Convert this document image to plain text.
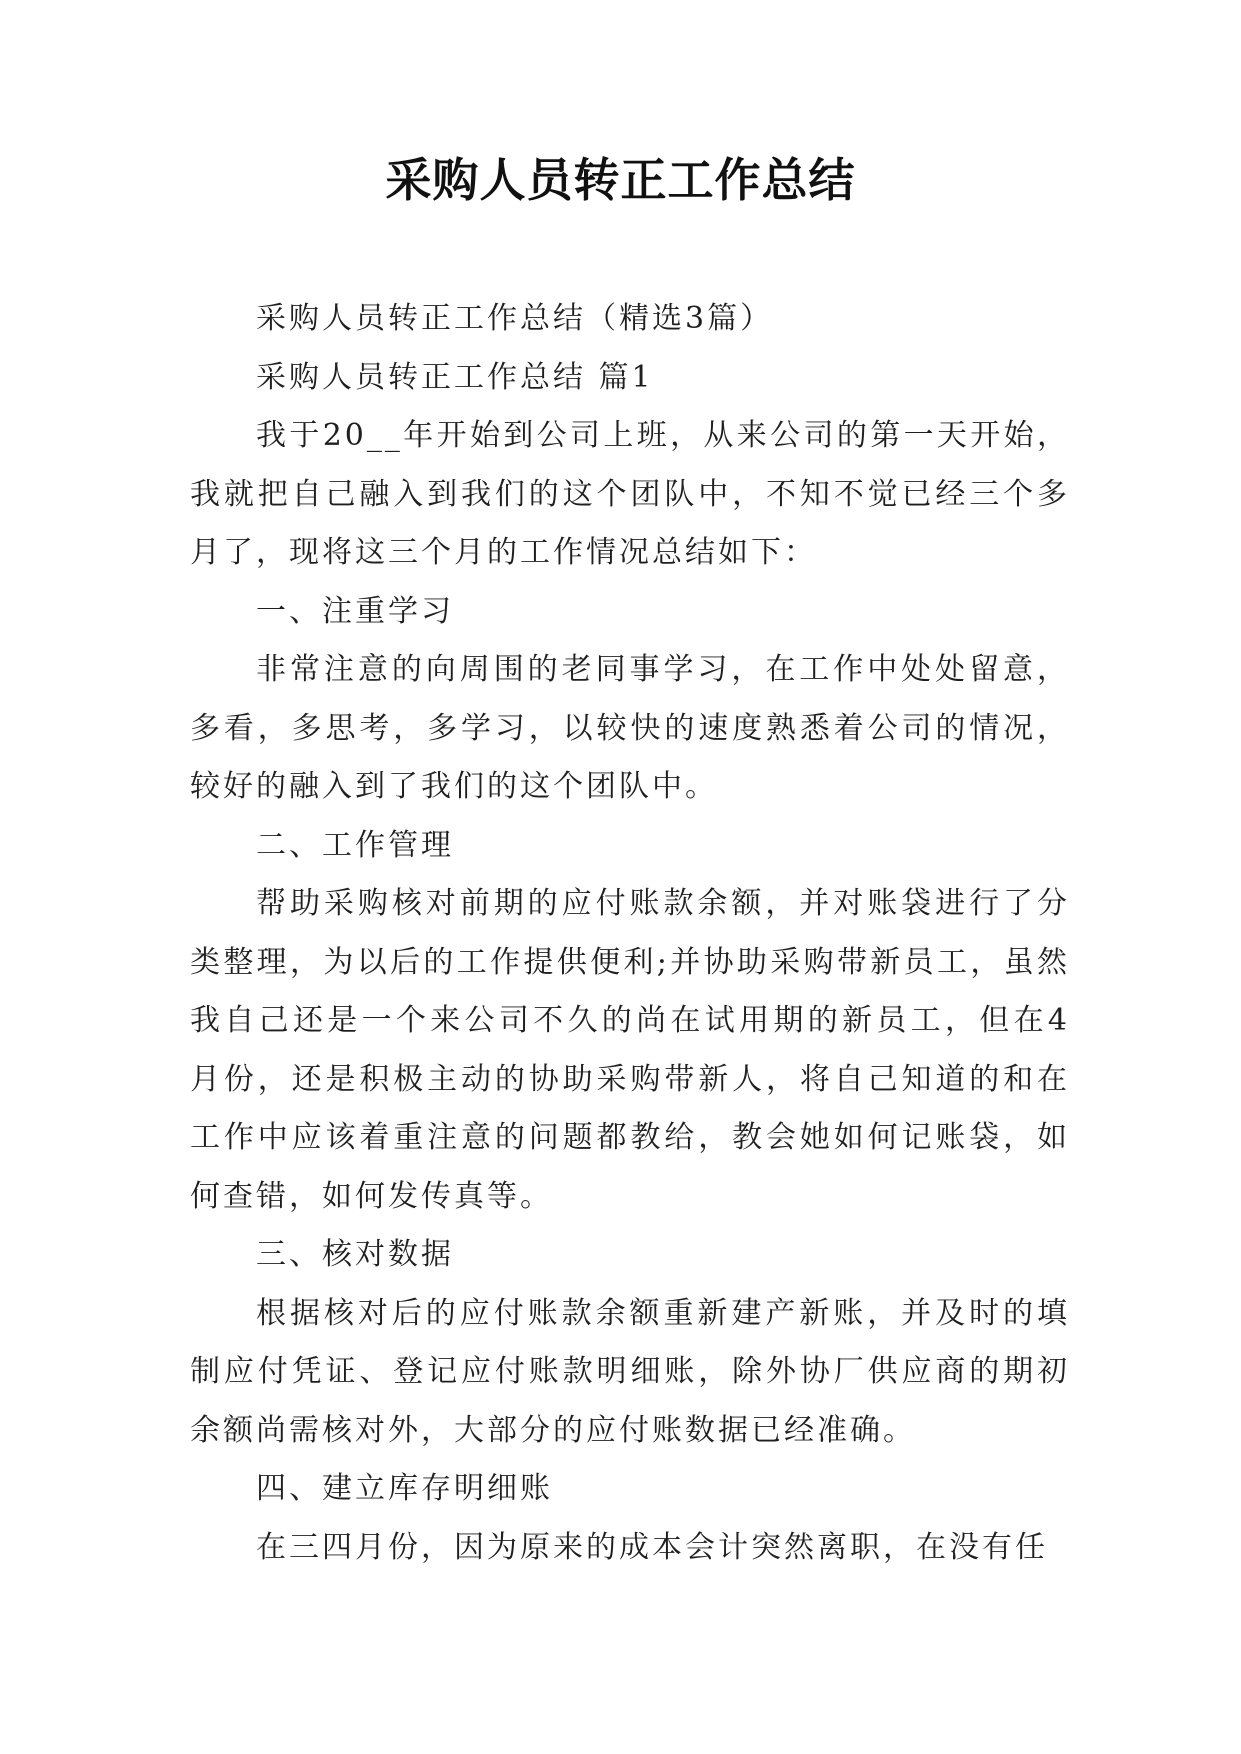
采购人员转正工作总结

采购人员转正工作总结（精选3篇）

采购人员转正工作总结 篇1

我于20__年开始到公司上班，从来公司的第一天开始，我就把自己融入到我们的这个团队中，不知不觉已经三个多月了，现将这三个月的工作情况总结如下：

一、注重学习

非常注意的向周围的老同事学习，在工作中处处留意，多看，多思考，多学习，以较快的速度熟悉着公司的情况，较好的融入到了我们的这个团队中。

二、工作管理

帮助采购核对前期的应付账款余额，并对账袋进行了分类整理，为以后的工作提供便利;并协助采购带新员工，虽然我自己还是一个来公司不久的尚在试用期的新员工，但在4月份，还是积极主动的协助采购带新人，将自己知道的和在工作中应该着重注意的问题都教给，教会她如何记账袋，如何查错，如何发传真等。

三、核对数据

根据核对后的应付账款余额重新建产新账，并及时的填制应付凭证、登记应付账款明细账，除外协厂供应商的期初余额尚需核对外，大部分的应付账数据已经准确。

四、建立库存明细账

在三四月份，因为原来的成本会计突然离职，在没有任
